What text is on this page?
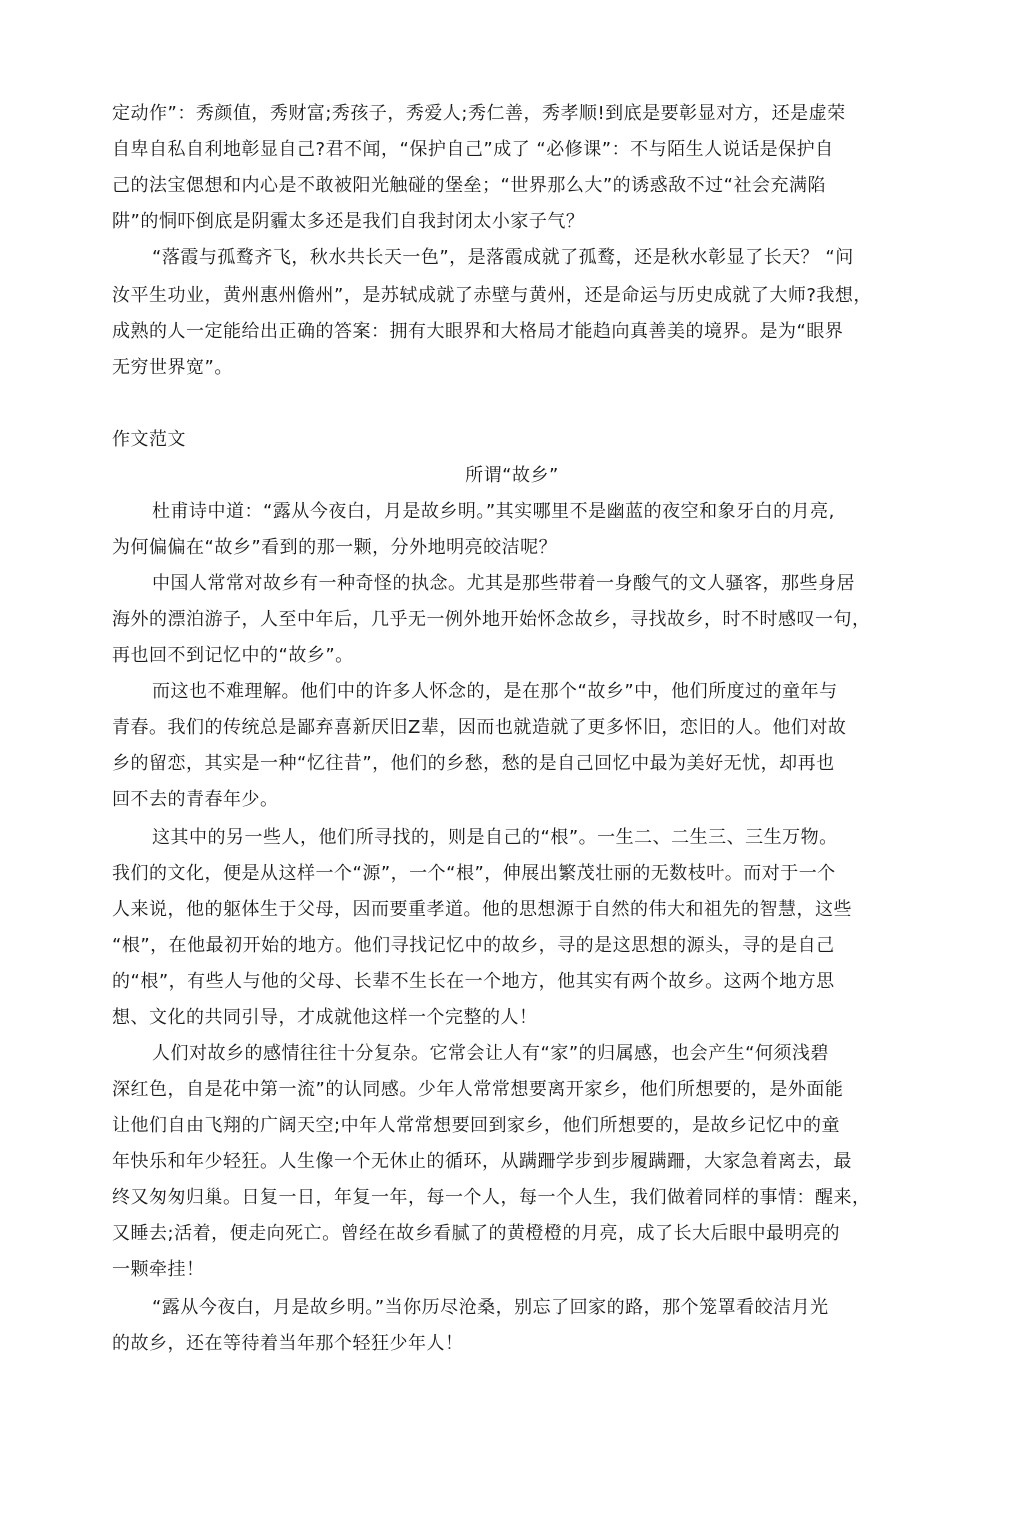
定动作”：秀颜值，秀财富;秀孩子，秀爱人;秀仁善，秀孝顺!到底是要彰显对方，还是虚荣

自卑自私自利地彰显自己?君不闻，“保护自己”成了 “必修课”：不与陌生人说话是保护自

己的法宝偲想和内心是不敢被阳光触碰的堡垒；“世界那么大”的诱惑敌不过“社会充满陷

阱”的恫吓倒底是阴霾太多还是我们自我封闭太小家子气？

“落霞与孤鹜齐飞，秋水共长天一色”，是落霞成就了孤鹜，还是秋水彰显了长天？ “问

汝平生功业，黄州惠州儋州”，是苏轼成就了赤壁与黄州，还是命运与历史成就了大师?我想，

成熟的人一定能给出正确的答案：拥有大眼界和大格局才能趋向真善美的境界。是为“眼界

无穷世界宽”。

作文范文

所谓“故乡”

杜甫诗中道：“露从今夜白，月是故乡明。”其实哪里不是幽蓝的夜空和象牙白的月亮,

为何偏偏在“故乡”看到的那一颗，分外地明亮皎洁呢？

中国人常常对故乡有一种奇怪的执念。尤其是那些带着一身酸气的文人骚客，那些身居

海外的漂泊游子，人至中年后，几乎无一例外地开始怀念故乡，寻找故乡，时不时感叹一句，

再也回不到记忆中的“故乡”。

而这也不难理解。他们中的许多人怀念的，是在那个“故乡”中，他们所度过的童年与

青春。我们的传统总是鄙弃喜新厌旧Z辈，因而也就造就了更多怀旧，恋旧的人。他们对故

乡的留恋，其实是一种“忆往昔”，他们的乡愁，愁的是自己回忆中最为美好无忧，却再也

回不去的青春年少。

这其中的另一些人，他们所寻找的，则是自己的“根”。一生二、二生三、三生万物。

我们的文化，便是从这样一个“源”，一个“根”，伸展出繁茂壮丽的无数枝叶。而对于一个

人来说，他的躯体生于父母，因而要重孝道。他的思想源于自然的伟大和祖先的智慧，这些

“根”，在他最初开始的地方。他们寻找记忆中的故乡，寻的是这思想的源头，寻的是自己

的“根”，有些人与他的父母、长辈不生长在一个地方，他其实有两个故乡。这两个地方思

想、文化的共同引导，才成就他这样一个完整的人！

人们对故乡的感情往往十分复杂。它常会让人有“家”的归属感，也会产生“何须浅碧

深红色，自是花中第一流”的认同感。少年人常常想要离开家乡，他们所想要的，是外面能

让他们自由飞翔的广阔天空;中年人常常想要回到家乡，他们所想要的，是故乡记忆中的童

年快乐和年少轻狂。人生像一个无休止的循环，从蹒跚学步到步履蹒跚，大家急着离去，最

终又匆匆归巢。日复一日，年复一年，每一个人，每一个人生，我们做着同样的事情：醒来，

又睡去;活着，便走向死亡。曾经在故乡看腻了的黄橙橙的月亮，成了长大后眼中最明亮的

一颗牵挂！

“露从今夜白，月是故乡明。”当你历尽沧桑，别忘了回家的路，那个笼罩看皎洁月光

的故乡，还在等待着当年那个轻狂少年人！
